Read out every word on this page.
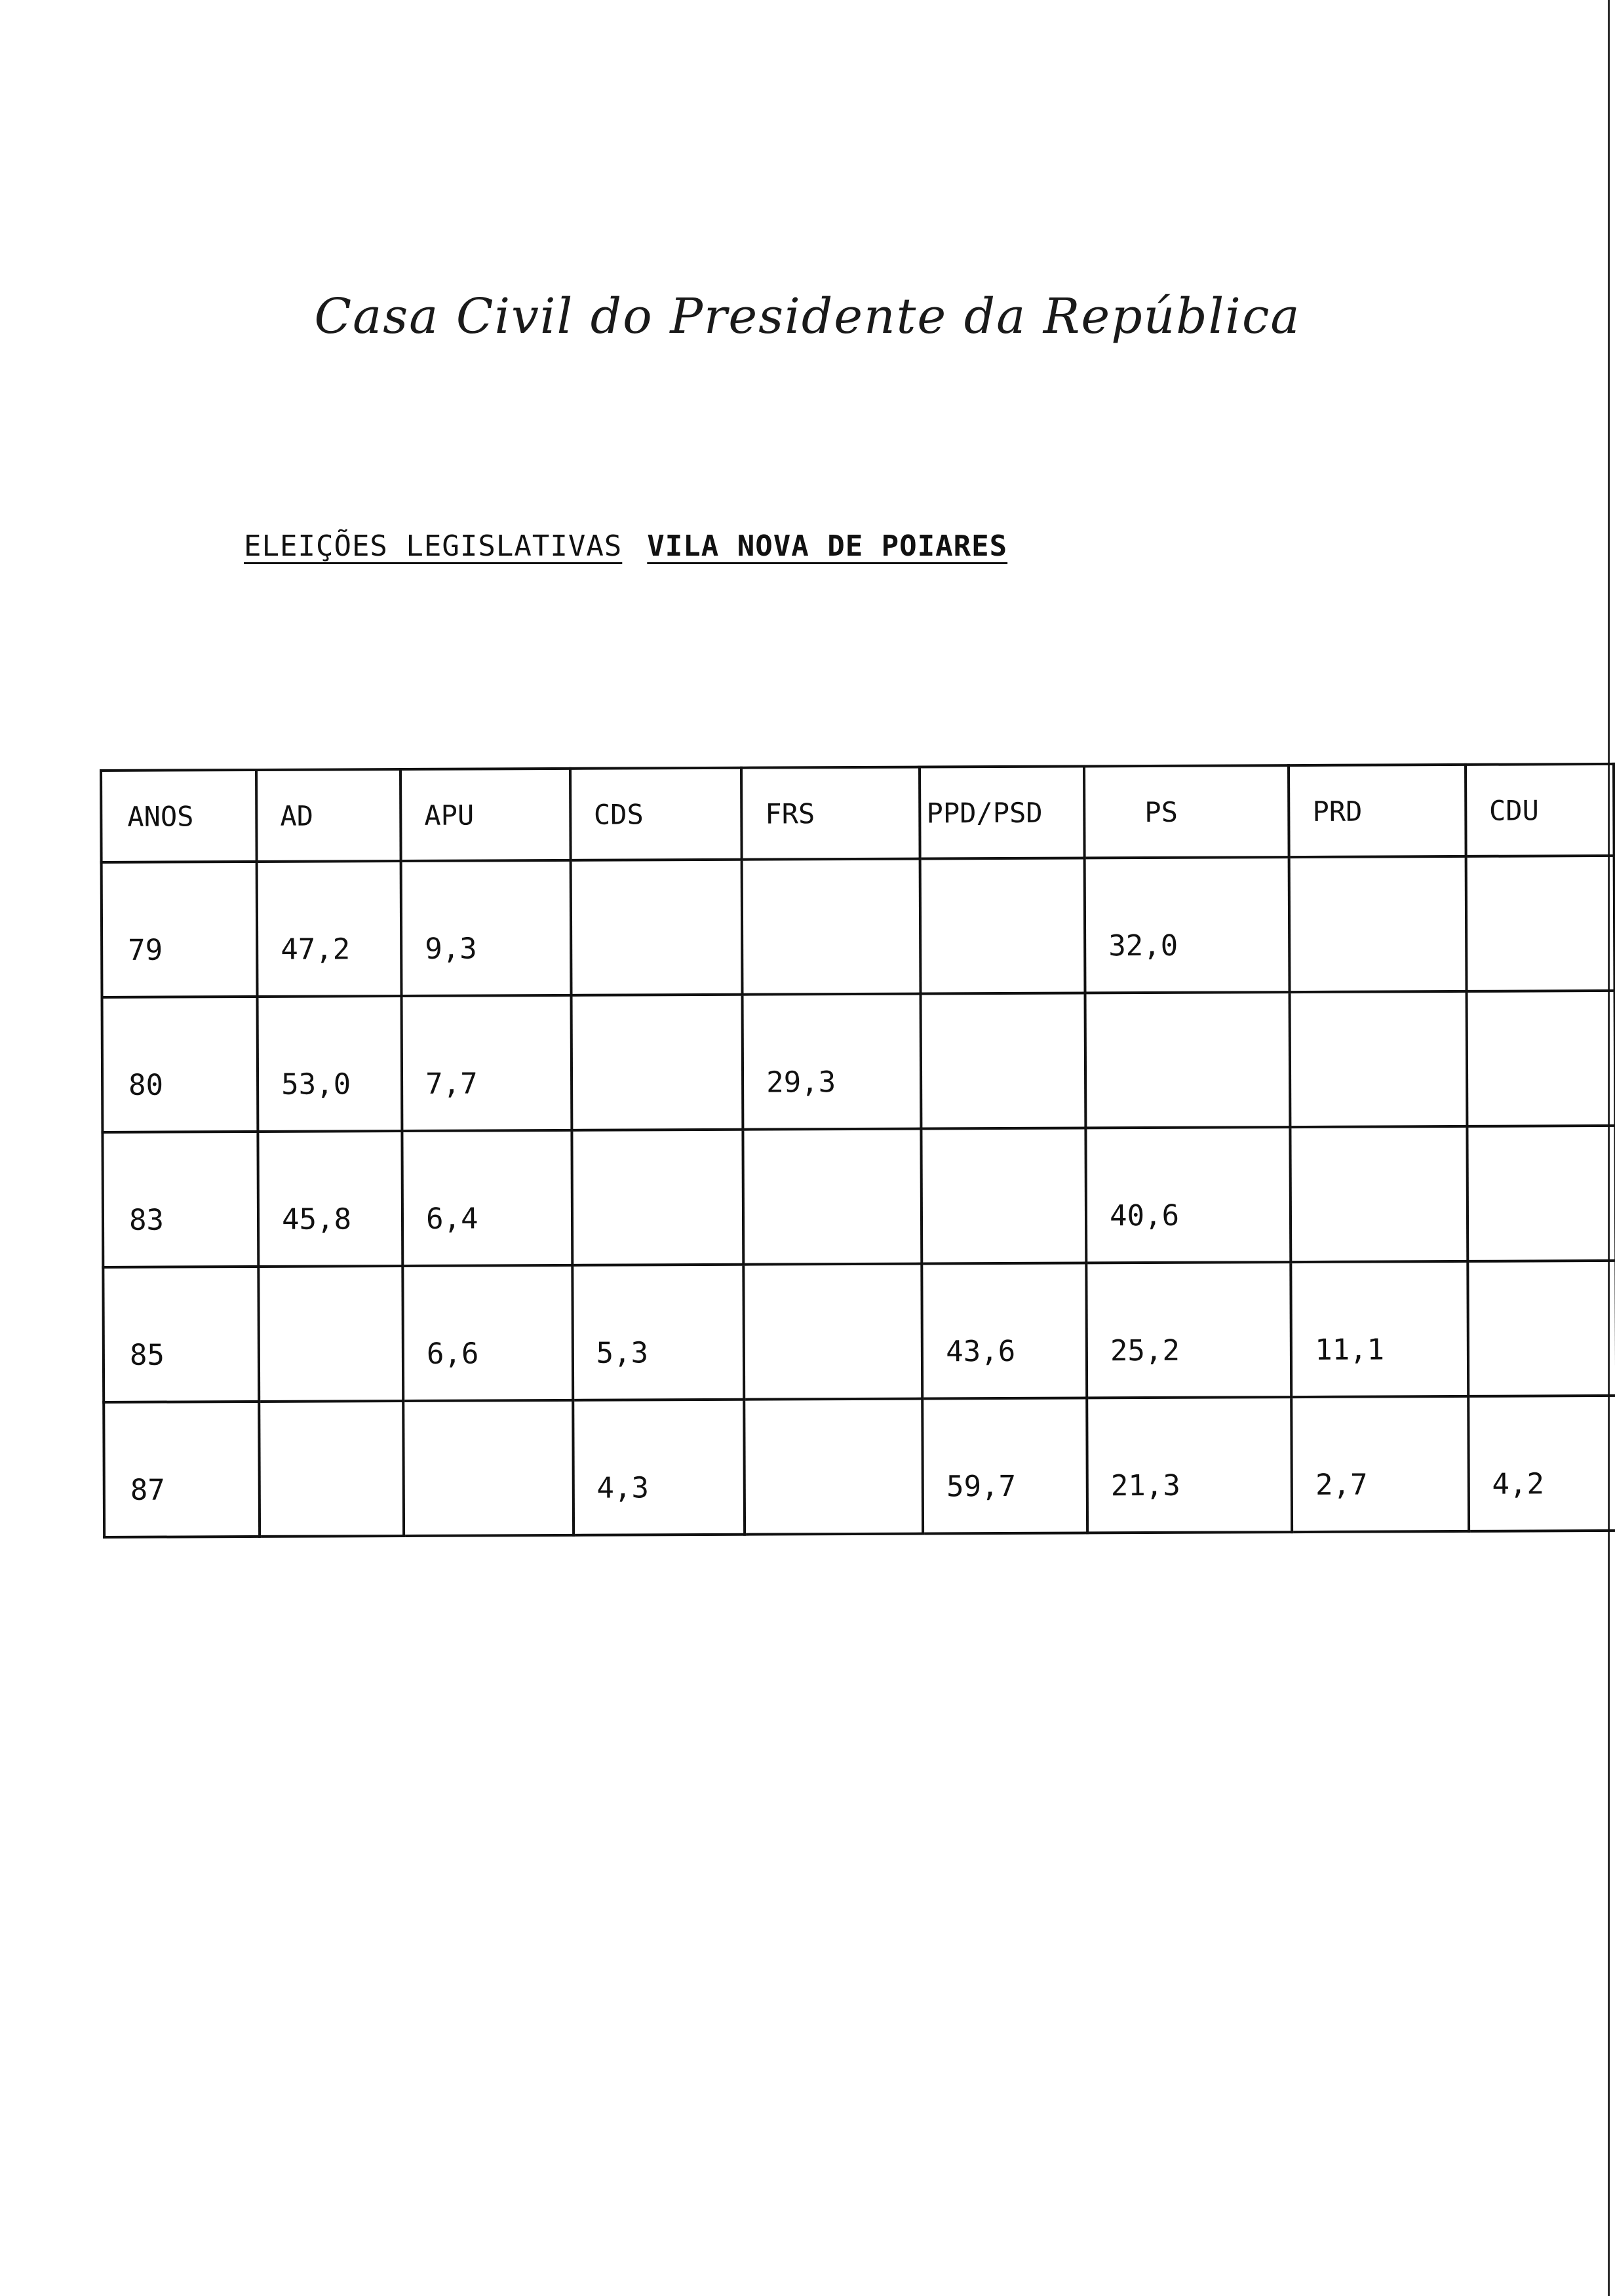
Casa Civil do Presidente da República
ELEIÇÕES LEGISLATIVAS VILA NOVA DE POIARES
ANOS	AD	APU	CDS	FRS	PPD/PSD	PS	PRD	CDU
79	47,2	9,3				32,0		
80	53,0	7,7		29,3				
83	45,8	6,4				40,6		
85		6,6	5,3		43,6	25,2	11,1	
87			4,3		59,7	21,3	2,7	4,2
